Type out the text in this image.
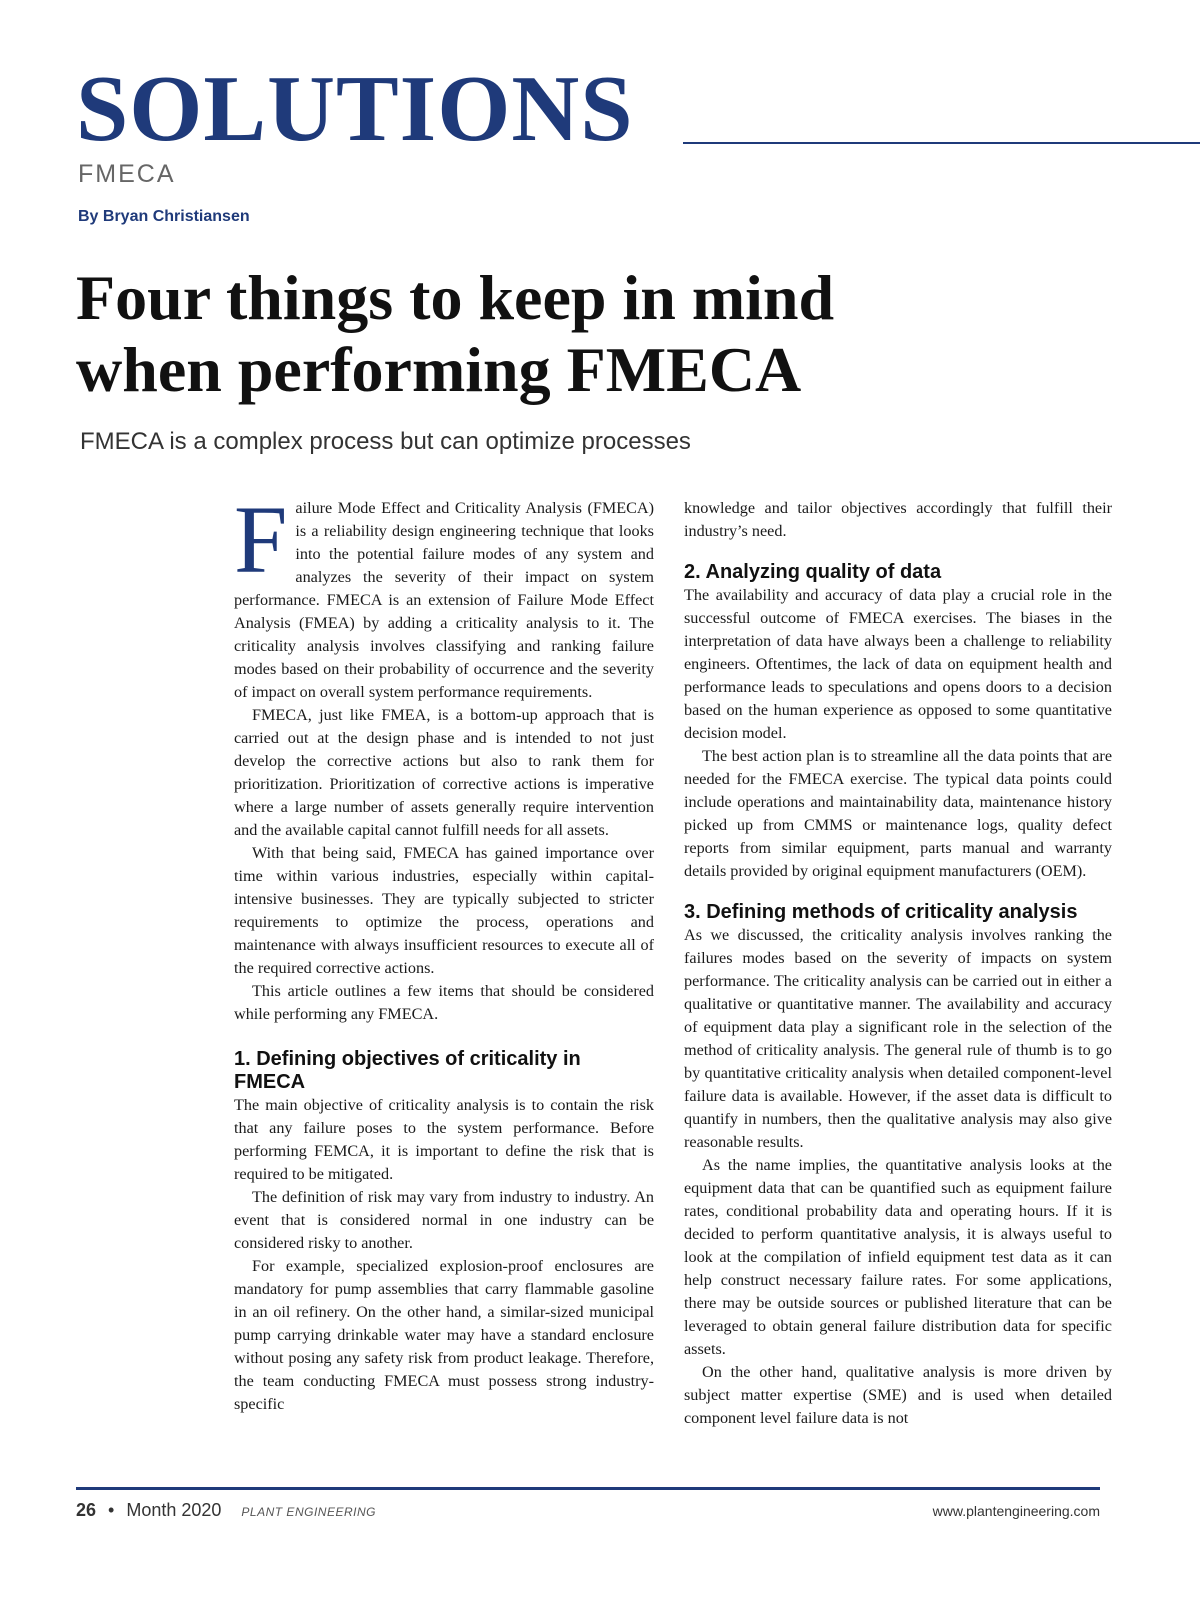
SOLUTIONS
FMECA
By Bryan Christiansen
Four things to keep in mind
when performing FMECA
FMECA is a complex process but can optimize processes

Failure Mode Effect and Criticality Analysis (FMECA) is a reliability design engineering technique that looks into the potential failure modes of any system and analyzes the severity of their impact on system performance. FMECA is an extension of Failure Mode Effect Analysis (FMEA) by adding a criticality analysis to it. The criticality analysis involves classifying and ranking failure modes based on their probability of occurrence and the severity of impact on overall system performance requirements.

FMECA, just like FMEA, is a bottom-up approach that is carried out at the design phase and is intended to not just develop the corrective actions but also to rank them for prioritization. Prioritization of corrective actions is imperative where a large number of assets generally require intervention and the available capital cannot fulfill needs for all assets.

With that being said, FMECA has gained importance over time within various industries, especially within capital-intensive businesses. They are typically subjected to stricter requirements to optimize the process, operations and maintenance with always insufficient resources to execute all of the required corrective actions.

This article outlines a few items that should be considered while performing any FMECA.

1. Defining objectives of criticality in FMECA

The main objective of criticality analysis is to contain the risk that any failure poses to the system performance. Before performing FEMCA, it is important to define the risk that is required to be mitigated.

The definition of risk may vary from industry to industry. An event that is considered normal in one industry can be considered risky to another.

For example, specialized explosion-proof enclosures are mandatory for pump assemblies that carry flammable gasoline in an oil refinery. On the other hand, a similar-sized municipal pump carrying drinkable water may have a standard enclosure without posing any safety risk from product leakage. Therefore, the team conducting FMECA must possess strong industry-specific

knowledge and tailor objectives accordingly that fulfill their industry’s need.

2. Analyzing quality of data

The availability and accuracy of data play a crucial role in the successful outcome of FMECA exercises. The biases in the interpretation of data have always been a challenge to reliability engineers. Oftentimes, the lack of data on equipment health and performance leads to speculations and opens doors to a decision based on the human experience as opposed to some quantitative decision model.

The best action plan is to streamline all the data points that are needed for the FMECA exercise. The typical data points could include operations and maintainability data, maintenance history picked up from CMMS or maintenance logs, quality defect reports from similar equipment, parts manual and warranty details provided by original equipment manufacturers (OEM).

3. Defining methods of criticality analysis

As we discussed, the criticality analysis involves ranking the failures modes based on the severity of impacts on system performance. The criticality analysis can be carried out in either a qualitative or quantitative manner. The availability and accuracy of equipment data play a significant role in the selection of the method of criticality analysis. The general rule of thumb is to go by quantitative criticality analysis when detailed component-level failure data is available. However, if the asset data is difficult to quantify in numbers, then the qualitative analysis may also give reasonable results.

As the name implies, the quantitative analysis looks at the equipment data that can be quantified such as equipment failure rates, conditional probability data and operating hours. If it is decided to perform quantitative analysis, it is always useful to look at the compilation of infield equipment test data as it can help construct necessary failure rates. For some applications, there may be outside sources or published literature that can be leveraged to obtain general failure distribution data for specific assets.

On the other hand, qualitative analysis is more driven by subject matter expertise (SME) and is used when detailed component level failure data is not

26 • Month 2020 PLANT ENGINEERING	www.plantengineering.com
